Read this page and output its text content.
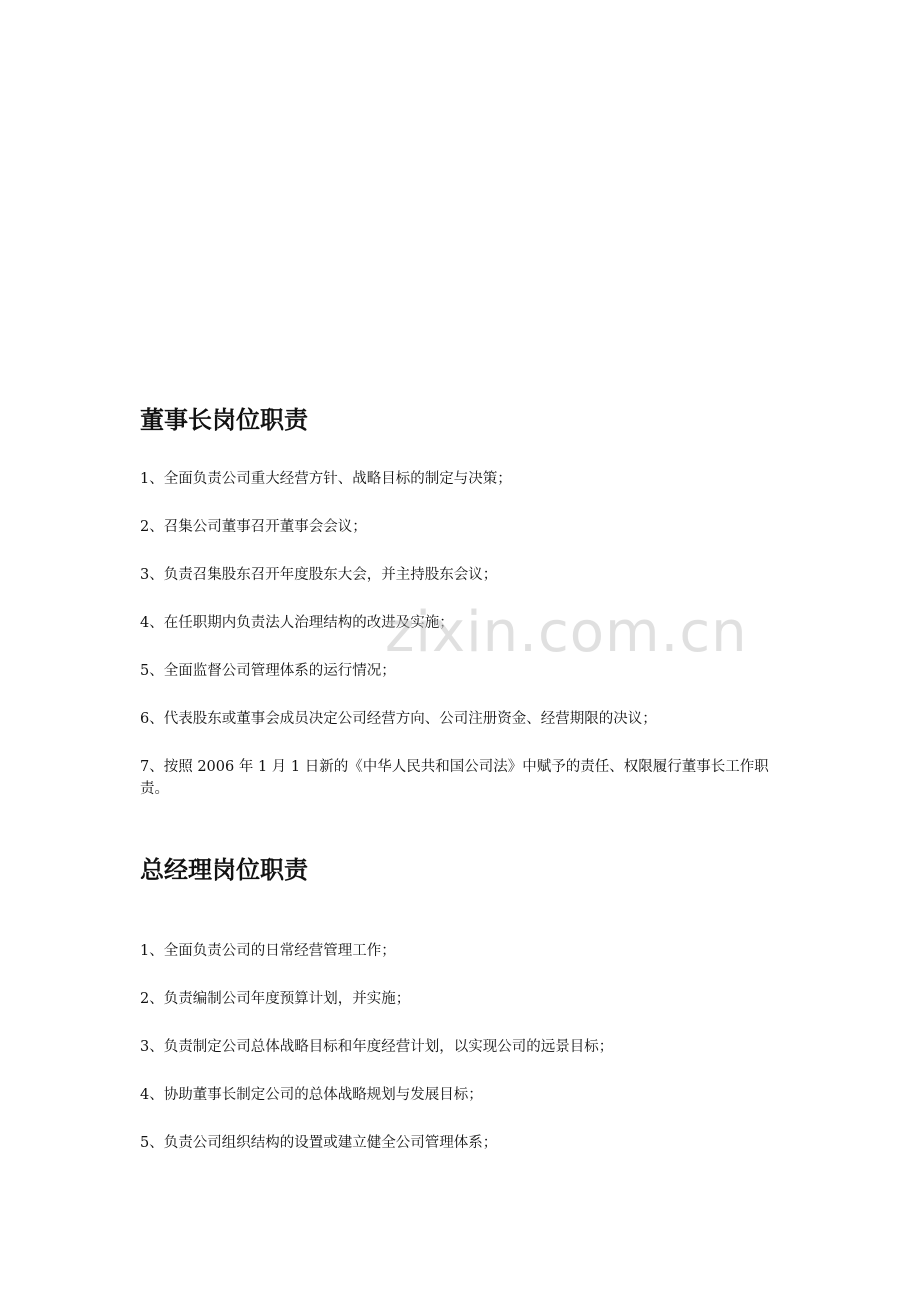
董事长岗位职责

1、全面负责公司重大经营方针、战略目标的制定与决策；

2、召集公司董事召开董事会会议；

3、负责召集股东召开年度股东大会，并主持股东会议；

4、在任职期内负责法人治理结构的改进及实施；

5、全面监督公司管理体系的运行情况；

6、代表股东或董事会成员决定公司经营方向、公司注册资金、经营期限的决议；

7、按照 2006 年 1 月 1 日新的《中华人民共和国公司法》中赋予的责任、权限履行董事长工作职责。

总经理岗位职责

1、全面负责公司的日常经营管理工作；

2、负责编制公司年度预算计划，并实施；

3、负责制定公司总体战略目标和年度经营计划，以实现公司的远景目标；

4、协助董事长制定公司的总体战略规划与发展目标；

5、负责公司组织结构的设置或建立健全公司管理体系；

zixin.com.cn
